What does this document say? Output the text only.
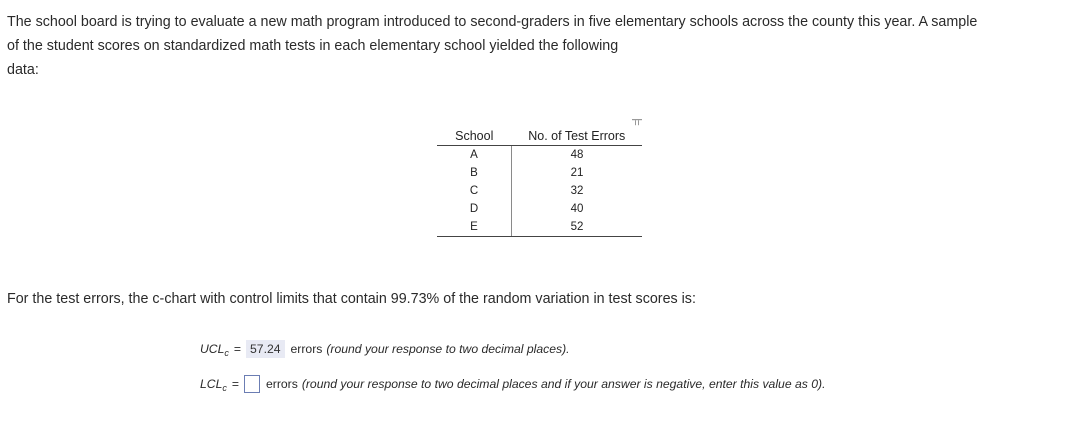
The school board is trying to evaluate a new math program introduced to second-graders in five elementary schools across the county this year. A sample
of the student scores on standardized math tests in each elementary school yielded the following
data:

School	No. of Test Errors
A	48
B	21
C	32
D	40
E	52

For the test errors, the c-chart with control limits that contain 99.73% of the random variation in test scores is:

$UCL_c = 57.24$ errors (round your response to two decimal places).
$LCL_c$ = errors (round your response to two decimal places and if your answer is negative, enter this value as 0).
